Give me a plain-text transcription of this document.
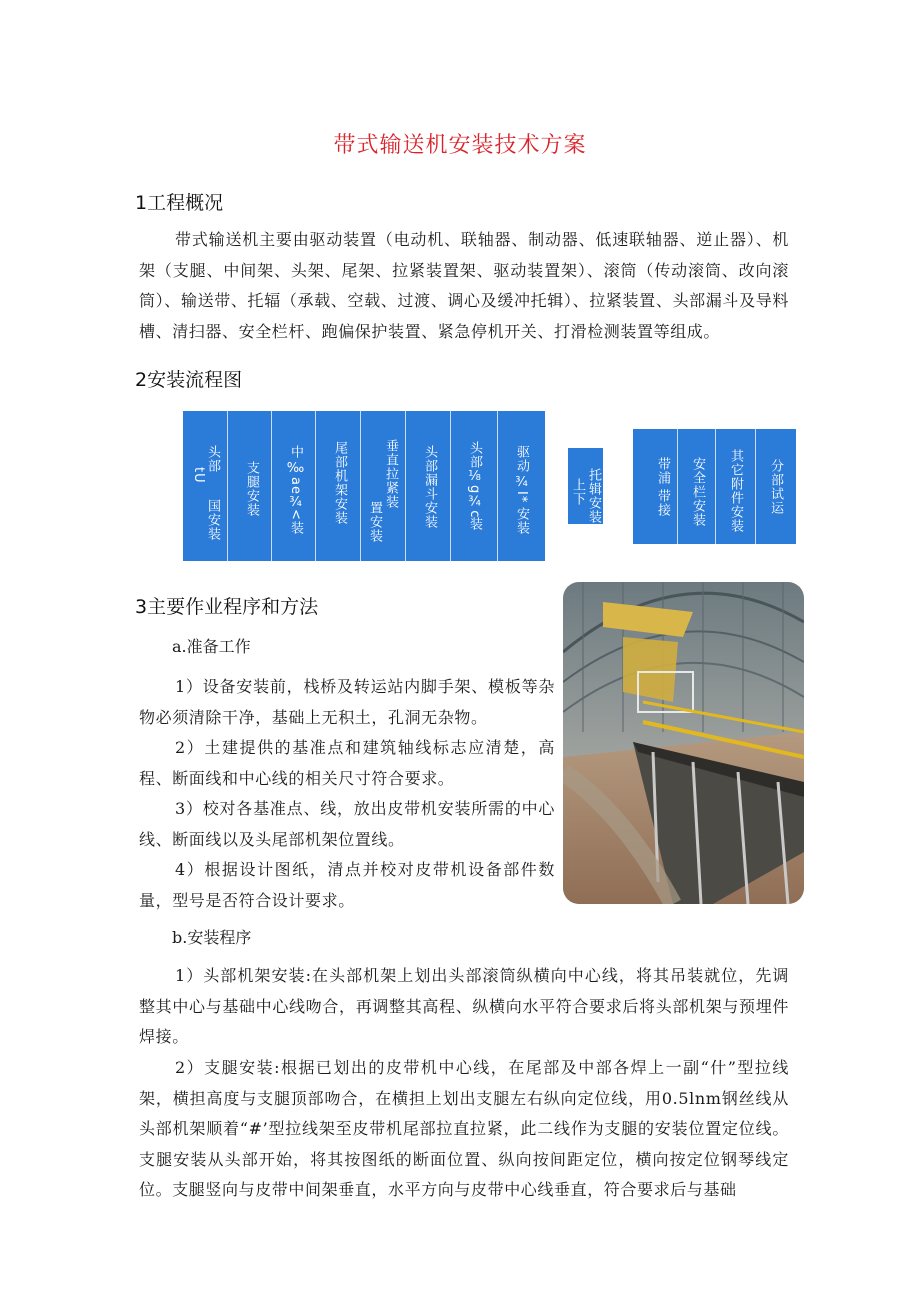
带式输送机安装技术方案
1工程概况
带式输送机主要由驱动装置（电动机、联轴器、制动器、低速联轴器、逆止器）、机架（支腿、中间架、头架、尾架、拉紧装置架、驱动装置架）、滚筒（传动滚筒、改向滚筒）、输送带、托辐（承载、空载、过渡、调心及缓冲托辑）、拉紧装置、头部漏斗及导料槽、清扫器、安全栏杆、跑偏保护装置、紧急停机开关、打滑检测装置等组成。
2安装流程图
头部
tU
国安装
支腿安装
中
‰ae¾
<装 尾部机架安装	垂直拉紧装
置安装	头部漏斗安装 头部
⅛g¾c
装
驱动
¾I*
安装	托辑安装
上下
带浦
带接 安全栏安装 其它附件安装 分部试运
3主要作业程序和方法
a.准备工作
1）设备安装前，栈桥及转运站内脚手架、模板等杂物必须清除干净，基础上无积土，孔洞无杂物。
2）土建提供的基准点和建筑轴线标志应清楚，高程、断面线和中心线的相关尺寸符合要求。
3）校对各基准点、线，放出皮带机安装所需的中心线、断面线以及头尾部机架位置线。
4）根据设计图纸，清点并校对皮带机设备部件数量，型号是否符合设计要求。
b.安装程序
1）头部机架安装:在头部机架上划出头部滚筒纵横向中心线，将其吊装就位，先调整其中心与基础中心线吻合，再调整其高程、纵横向水平符合要求后将头部机架与预埋件焊接。
2）支腿安装:根据已划出的皮带机中心线，在尾部及中部各焊上一副“什”型拉线架，横担高度与支腿顶部吻合，在横担上划出支腿左右纵向定位线，用0.5lnm钢丝线从头部机架顺着“#’型拉线架至皮带机尾部拉直拉紧，此二线作为支腿的安装位置定位线。支腿安装从头部开始，将其按图纸的断面位置、纵向按间距定位，横向按定位钢琴线定位。支腿竖向与皮带中间架垂直，水平方向与皮带中心线垂直，符合要求后与基础
